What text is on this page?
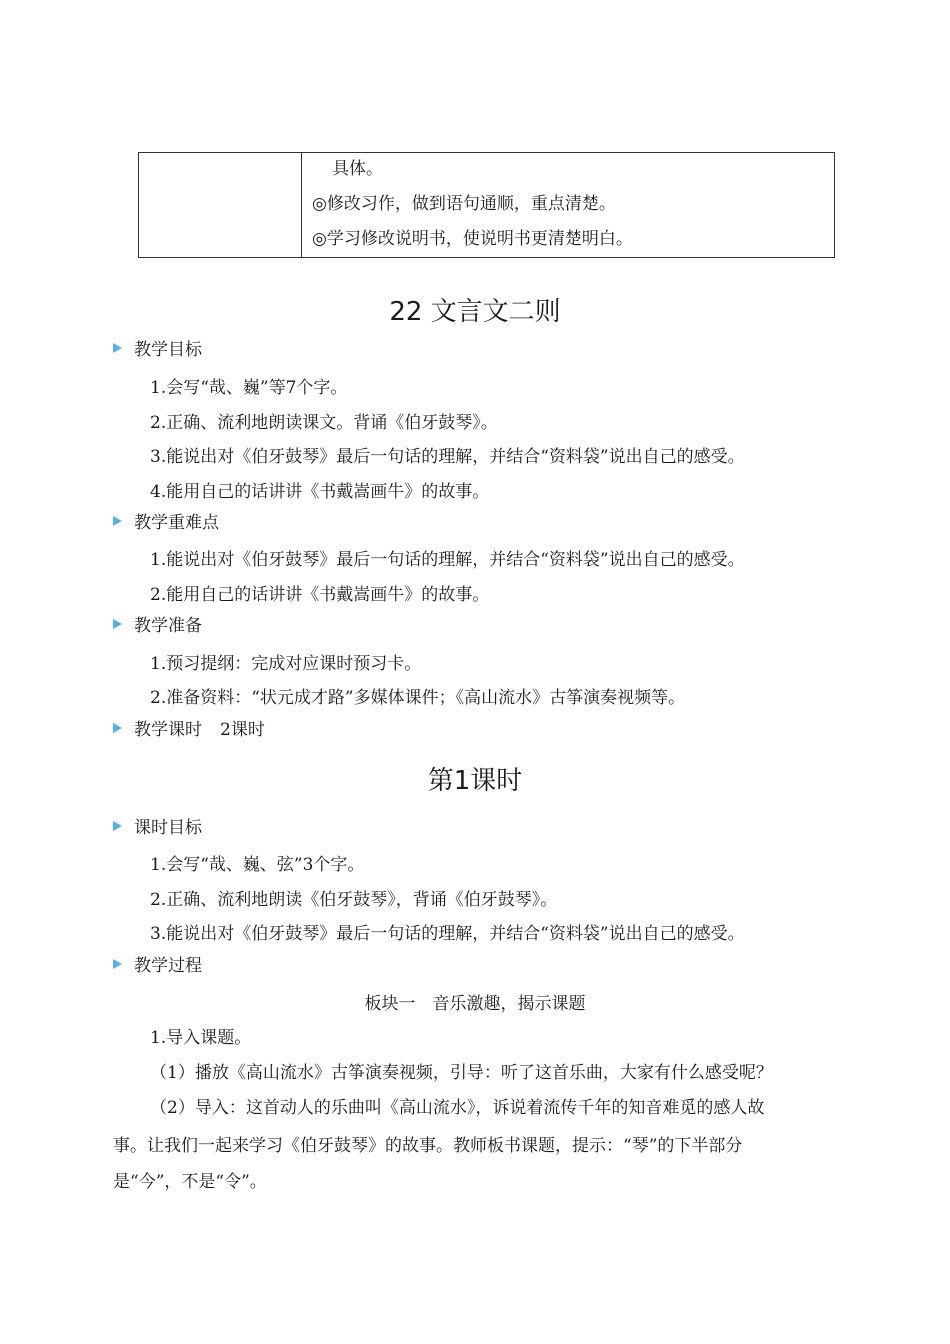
具体。
◎修改习作，做到语句通顺，重点清楚。
◎学习修改说明书，使说明书更清楚明白。
22 文言文二则
教学目标
1.会写“哉、巍”等7个字。
2.正确、流利地朗读课文。背诵《伯牙鼓琴》。
3.能说出对《伯牙鼓琴》最后一句话的理解，并结合“资料袋”说出自己的感受。
4.能用自己的话讲讲《书戴嵩画牛》的故事。
教学重难点
1.能说出对《伯牙鼓琴》最后一句话的理解，并结合“资料袋”说出自己的感受。
2.能用自己的话讲讲《书戴嵩画牛》的故事。
教学准备
1.预习提纲：完成对应课时预习卡。
2.准备资料：“状元成才路”多媒体课件；《高山流水》古筝演奏视频等。
教学课时 2课时
第1课时
课时目标
1.会写“哉、巍、弦”3个字。
2.正确、流利地朗读《伯牙鼓琴》，背诵《伯牙鼓琴》。
3.能说出对《伯牙鼓琴》最后一句话的理解，并结合“资料袋”说出自己的感受。
教学过程
板块一　音乐激趣，揭示课题
1.导入课题。
（1）播放《高山流水》古筝演奏视频，引导：听了这首乐曲，大家有什么感受呢？
（2）导入：这首动人的乐曲叫《高山流水》，诉说着流传千年的知音难觅的感人故
事。让我们一起来学习《伯牙鼓琴》的故事。教师板书课题，提示：“琴”的下半部分
是“今”，不是“令”。
